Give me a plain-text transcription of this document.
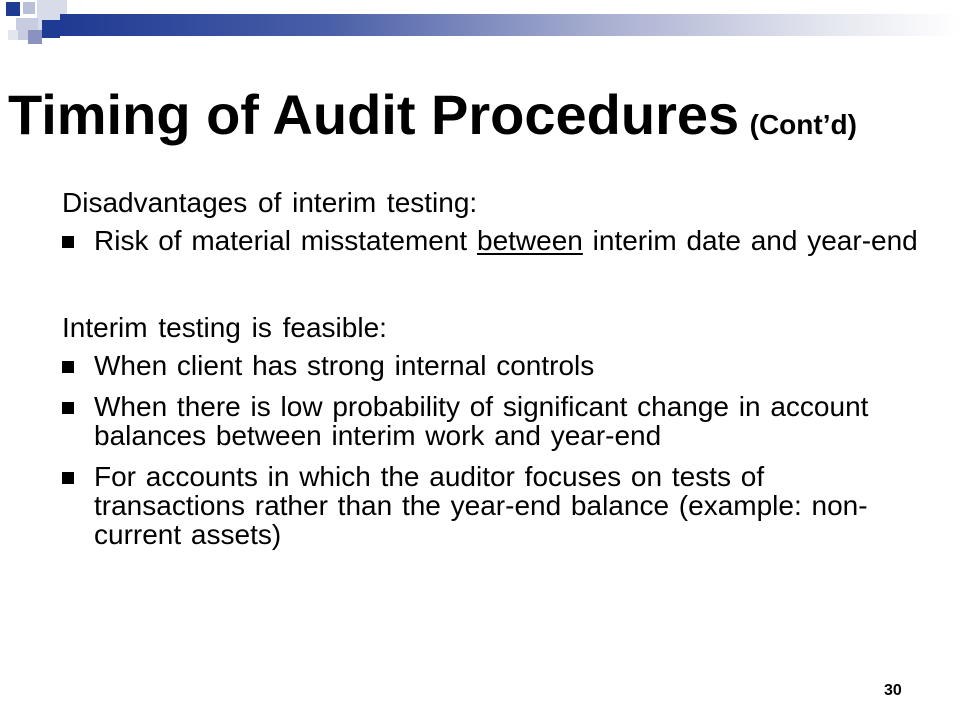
Timing of Audit Procedures (Cont’d)
Disadvantages of interim testing:
Risk of material misstatement between interim date and year-end
Interim testing is feasible:
When client has strong internal controls
When there is low probability of significant change in account balances between interim work and year-end
For accounts in which the auditor focuses on tests of transactions rather than the year-end balance (example: non-current assets)
30
